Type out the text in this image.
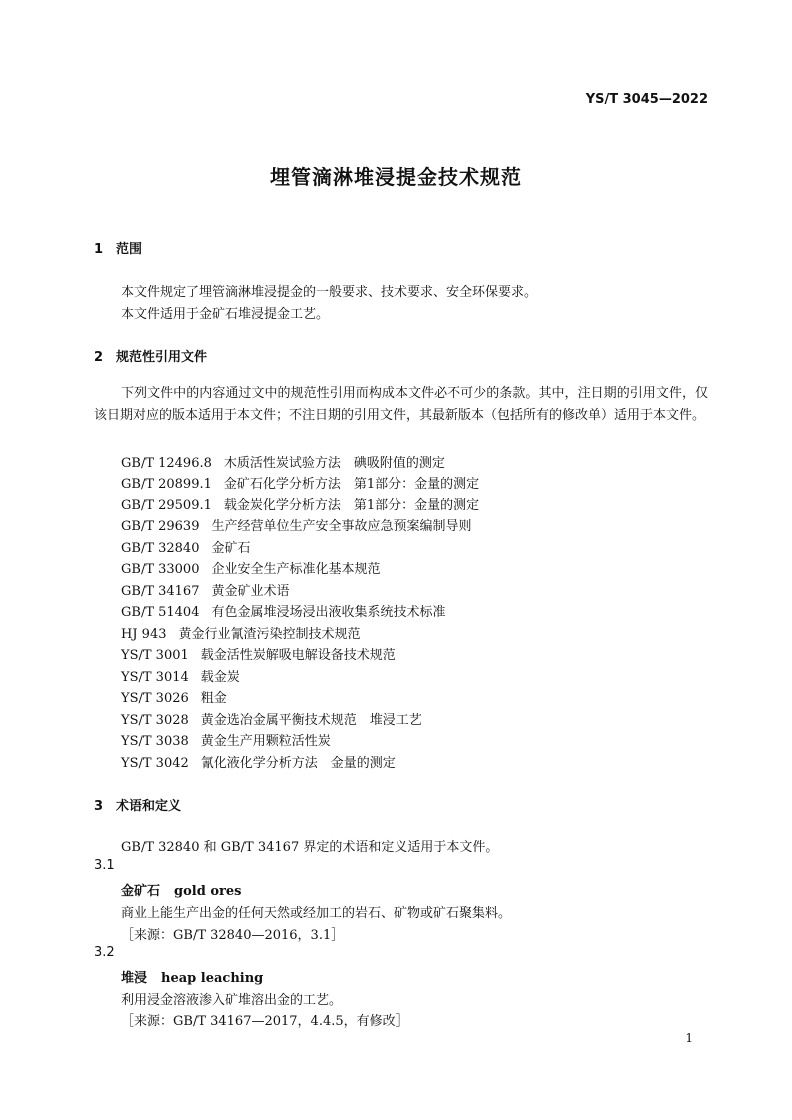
YS/T 3045—2022
埋管滴淋堆浸提金技术规范
1 范围
本文件规定了埋管滴淋堆浸提金的一般要求、技术要求、安全环保要求。
本文件适用于金矿石堆浸提金工艺。
2 规范性引用文件
下列文件中的内容通过文中的规范性引用而构成本文件必不可少的条款。其中，注日期的引用文件，仅该日期对应的版本适用于本文件；不注日期的引用文件，其最新版本（包括所有的修改单）适用于本文件。
GB/T 12496.8 木质活性炭试验方法　碘吸附值的测定
GB/T 20899.1 金矿石化学分析方法　第1部分：金量的测定
GB/T 29509.1 载金炭化学分析方法　第1部分：金量的测定
GB/T 29639 生产经营单位生产安全事故应急预案编制导则
GB/T 32840 金矿石
GB/T 33000 企业安全生产标准化基本规范
GB/T 34167 黄金矿业术语
GB/T 51404 有色金属堆浸场浸出液收集系统技术标准
HJ 943 黄金行业氰渣污染控制技术规范
YS/T 3001 载金活性炭解吸电解设备技术规范
YS/T 3014 载金炭
YS/T 3026 粗金
YS/T 3028 黄金选冶金属平衡技术规范　堆浸工艺
YS/T 3038 黄金生产用颗粒活性炭
YS/T 3042 氰化液化学分析方法　金量的测定
3 术语和定义
GB/T 32840 和 GB/T 34167 界定的术语和定义适用于本文件。
3.1
金矿石 gold ores
商业上能生产出金的任何天然或经加工的岩石、矿物或矿石聚集料。
［来源：GB/T 32840—2016，3.1］
3.2
堆浸 heap leaching
利用浸金溶液渗入矿堆溶出金的工艺。
［来源：GB/T 34167—2017，4.4.5，有修改］
1
